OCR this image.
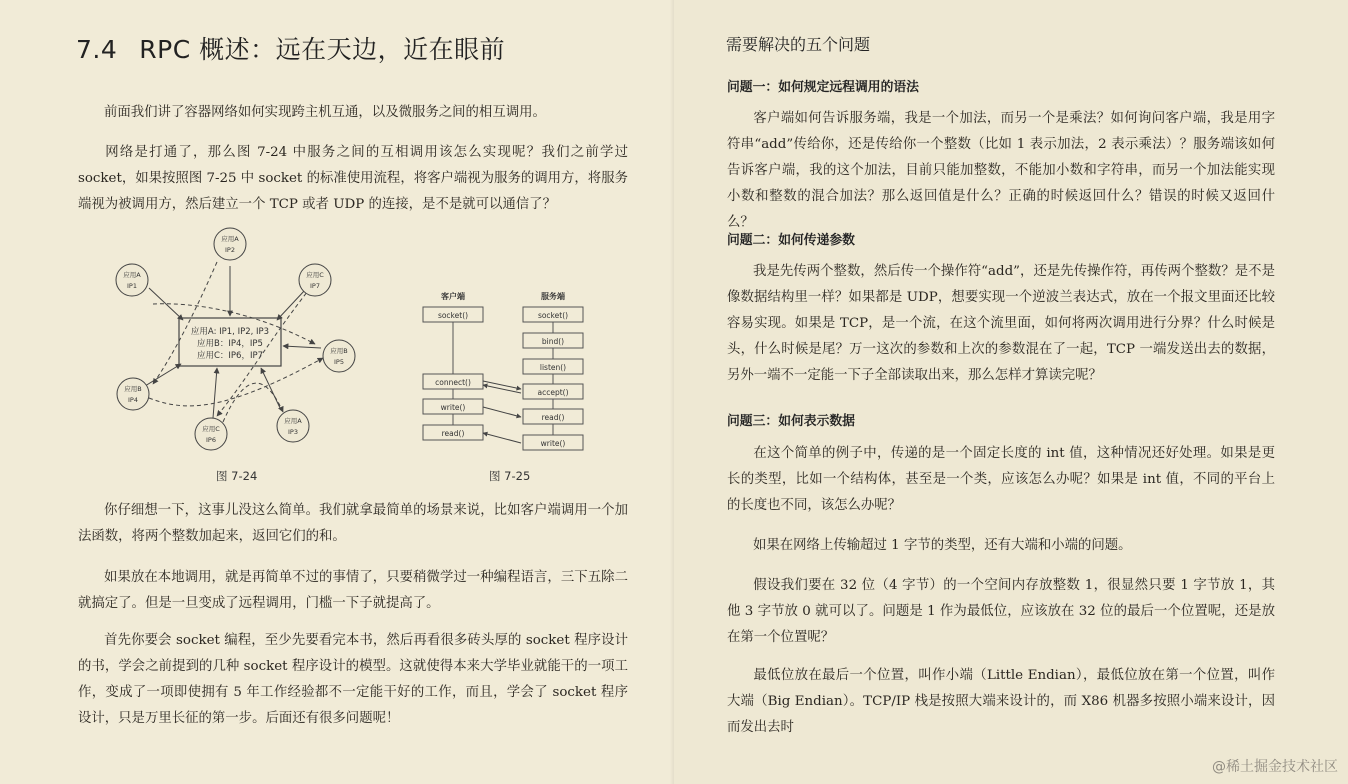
7.4 RPC 概述：远在天边，近在眼前
前面我们讲了容器网络如何实现跨主机互通，以及微服务之间的相互调用。
网络是打通了，那么图 7-24 中服务之间的互相调用该怎么实现呢？我们之前学过 socket，如果按照图 7-25 中 socket 的标准使用流程，将客户端视为服务的调用方，将服务端视为被调用方，然后建立一个 TCP 或者 UDP 的连接，是不是就可以通信了？
应用A: IP1, IP2, IP3
应用B：IP4，IP5
应用C：IP6，IP7
应用A
IP2
应用A
IP1
应用C
IP7
应用B
IP5
应用B
IP4
应用C
IP6
应用A
IP3
图 7-24
客户端	服务端
socket()
connect()
write()
read()
socket()
bind()
listen()
accept()
read()
write()
图 7-25
你仔细想一下，这事儿没这么简单。我们就拿最简单的场景来说，比如客户端调用一个加法函数，将两个整数加起来，返回它们的和。
如果放在本地调用，就是再简单不过的事情了，只要稍微学过一种编程语言，三下五除二就搞定了。但是一旦变成了远程调用，门槛一下子就提高了。
首先你要会 socket 编程，至少先要看完本书，然后再看很多砖头厚的 socket 程序设计的书，学会之前提到的几种 socket 程序设计的模型。这就使得本来大学毕业就能干的一项工作，变成了一项即使拥有 5 年工作经验都不一定能干好的工作，而且，学会了 socket 程序设计，只是万里长征的第一步。后面还有很多问题呢！
需要解决的五个问题
问题一：如何规定远程调用的语法
客户端如何告诉服务端，我是一个加法，而另一个是乘法？如何询问客户端，我是用字符串“add”传给你，还是传给你一个整数（比如 1 表示加法，2 表示乘法）？服务端该如何告诉客户端，我的这个加法，目前只能加整数，不能加小数和字符串，而另一个加法能实现小数和整数的混合加法？那么返回值是什么？正确的时候返回什么？错误的时候又返回什么？
问题二：如何传递参数
我是先传两个整数，然后传一个操作符“add”，还是先传操作符，再传两个整数？是不是像数据结构里一样？如果都是 UDP，想要实现一个逆波兰表达式，放在一个报文里面还比较容易实现。如果是 TCP，是一个流，在这个流里面，如何将两次调用进行分界？什么时候是头，什么时候是尾？万一这次的参数和上次的参数混在了一起，TCP 一端发送出去的数据，另外一端不一定能一下子全部读取出来，那么怎样才算读完呢？
问题三：如何表示数据
在这个简单的例子中，传递的是一个固定长度的 int 值，这种情况还好处理。如果是更长的类型，比如一个结构体，甚至是一个类，应该怎么办呢？如果是 int 值，不同的平台上的长度也不同，该怎么办呢？
如果在网络上传输超过 1 字节的类型，还有大端和小端的问题。
假设我们要在 32 位（4 字节）的一个空间内存放整数 1，很显然只要 1 字节放 1，其他 3 字节放 0 就可以了。问题是 1 作为最低位，应该放在 32 位的最后一个位置呢，还是放在第一个位置呢？
最低位放在最后一个位置，叫作小端（Little Endian），最低位放在第一个位置，叫作大端（Big Endian）。TCP/IP 栈是按照大端来设计的，而 X86 机器多按照小端来设计，因而发出去时
@稀土掘金技术社区
